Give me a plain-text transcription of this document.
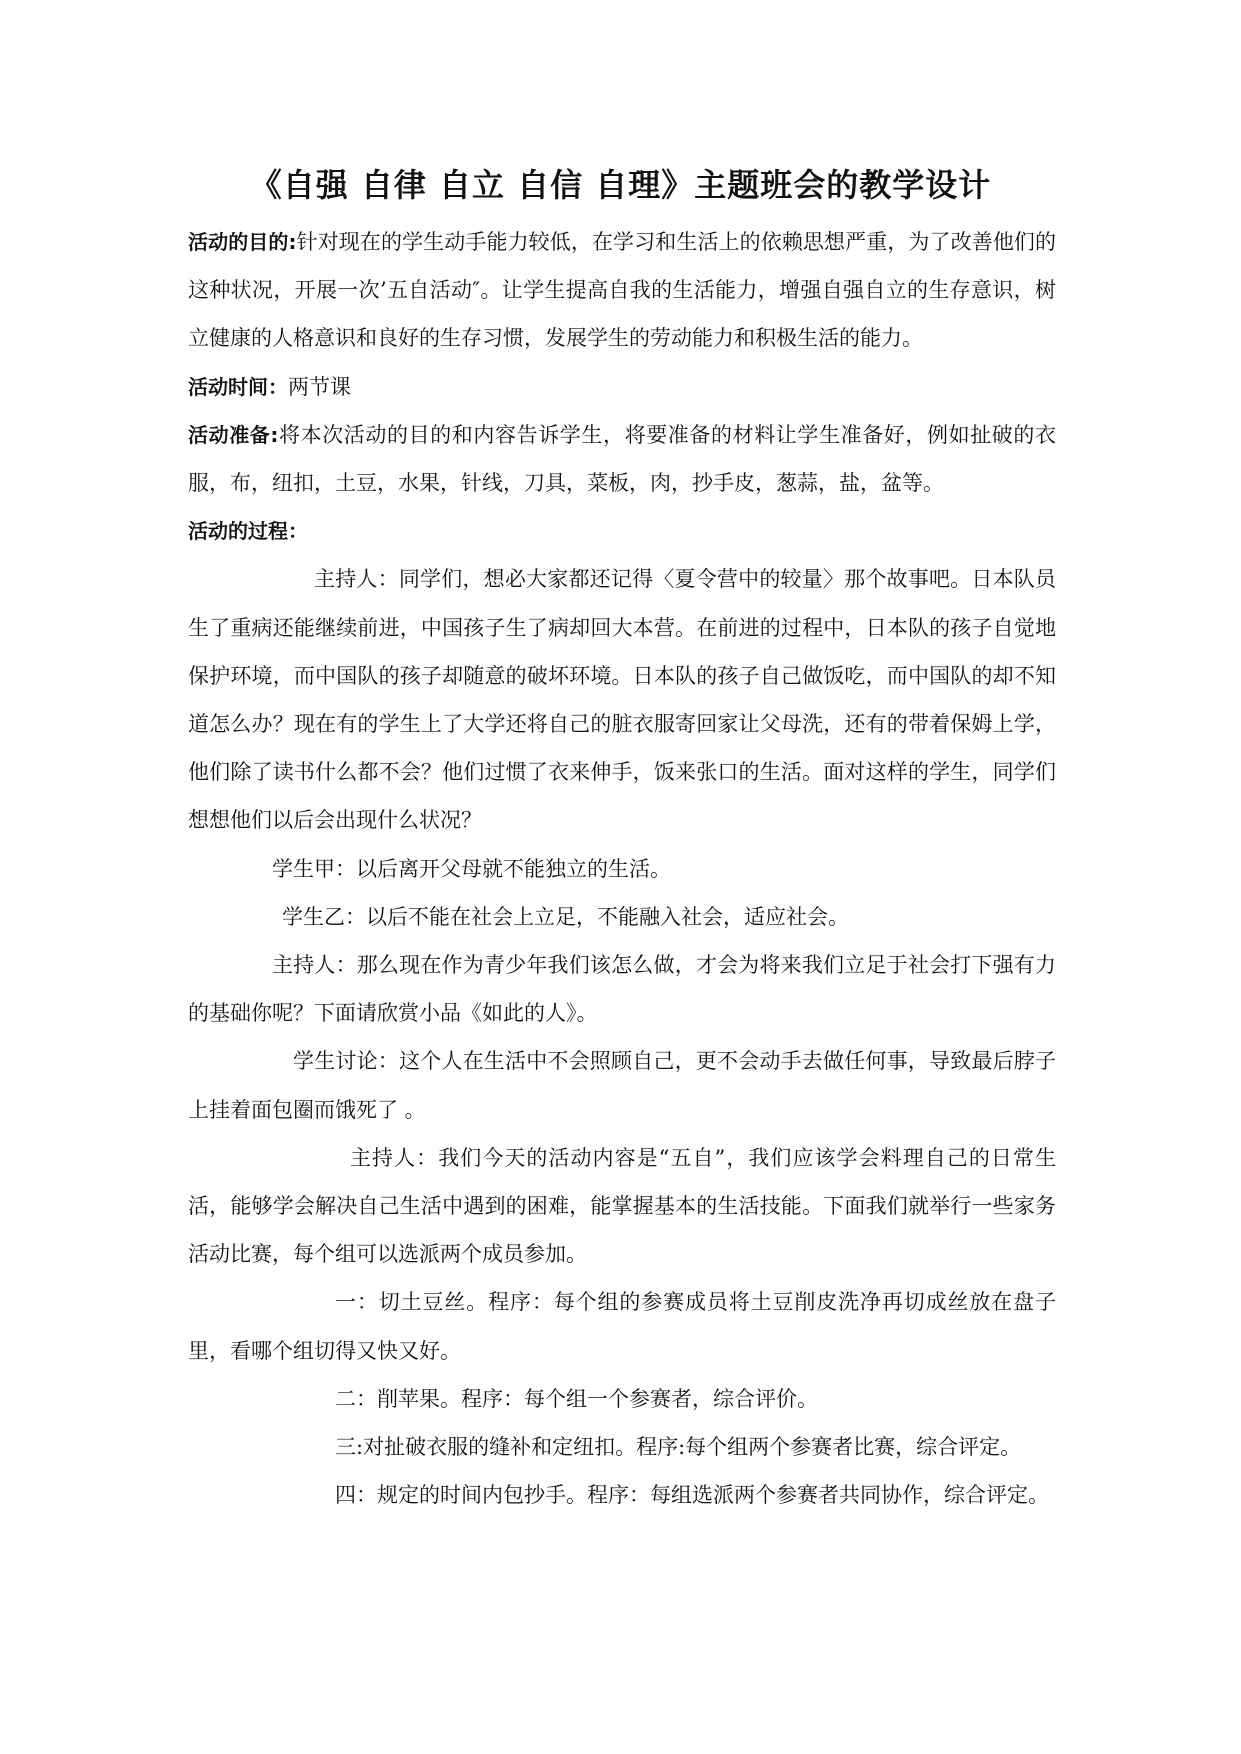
《自强 自律 自立 自信 自理》主题班会的教学设计

活动的目的:针对现在的学生动手能力较低，在学习和生活上的依赖思想严重，为了改善他们的这种状况，开展一次’五自活动″。让学生提高自我的生活能力，增强自强自立的生存意识，树立健康的人格意识和良好的生存习惯，发展学生的劳动能力和积极生活的能力。

活动时间：两节课

活动准备:将本次活动的目的和内容告诉学生，将要准备的材料让学生准备好，例如扯破的衣服，布，纽扣，土豆，水果，针线，刀具，菜板，肉，抄手皮，葱蒜，盐，盆等。

活动的过程：

主持人：同学们，想必大家都还记得〈夏令营中的较量〉那个故事吧。日本队员生了重病还能继续前进，中国孩子生了病却回大本营。在前进的过程中，日本队的孩子自觉地保护环境，而中国队的孩子却随意的破坏环境。日本队的孩子自己做饭吃，而中国队的却不知道怎么办？现在有的学生上了大学还将自己的脏衣服寄回家让父母洗，还有的带着保姆上学，他们除了读书什么都不会？他们过惯了衣来伸手，饭来张口的生活。面对这样的学生，同学们想想他们以后会出现什么状况？

学生甲：以后离开父母就不能独立的生活。

学生乙：以后不能在社会上立足，不能融入社会，适应社会。

主持人：那么现在作为青少年我们该怎么做，才会为将来我们立足于社会打下强有力的基础你呢？下面请欣赏小品《如此的人》。

学生讨论：这个人在生活中不会照顾自己，更不会动手去做任何事，导致最后脖子上挂着面包圈而饿死了 。

主持人：我们今天的活动内容是“五自”，我们应该学会料理自己的日常生活，能够学会解决自己生活中遇到的困难，能掌握基本的生活技能。下面我们就举行一些家务活动比赛，每个组可以选派两个成员参加。

一：切土豆丝。程序：每个组的参赛成员将土豆削皮洗净再切成丝放在盘子里，看哪个组切得又快又好。

二：削苹果。程序：每个组一个参赛者，综合评价。

三:对扯破衣服的缝补和定纽扣。程序:每个组两个参赛者比赛，综合评定。

四：规定的时间内包抄手。程序：每组选派两个参赛者共同协作，综合评定。
